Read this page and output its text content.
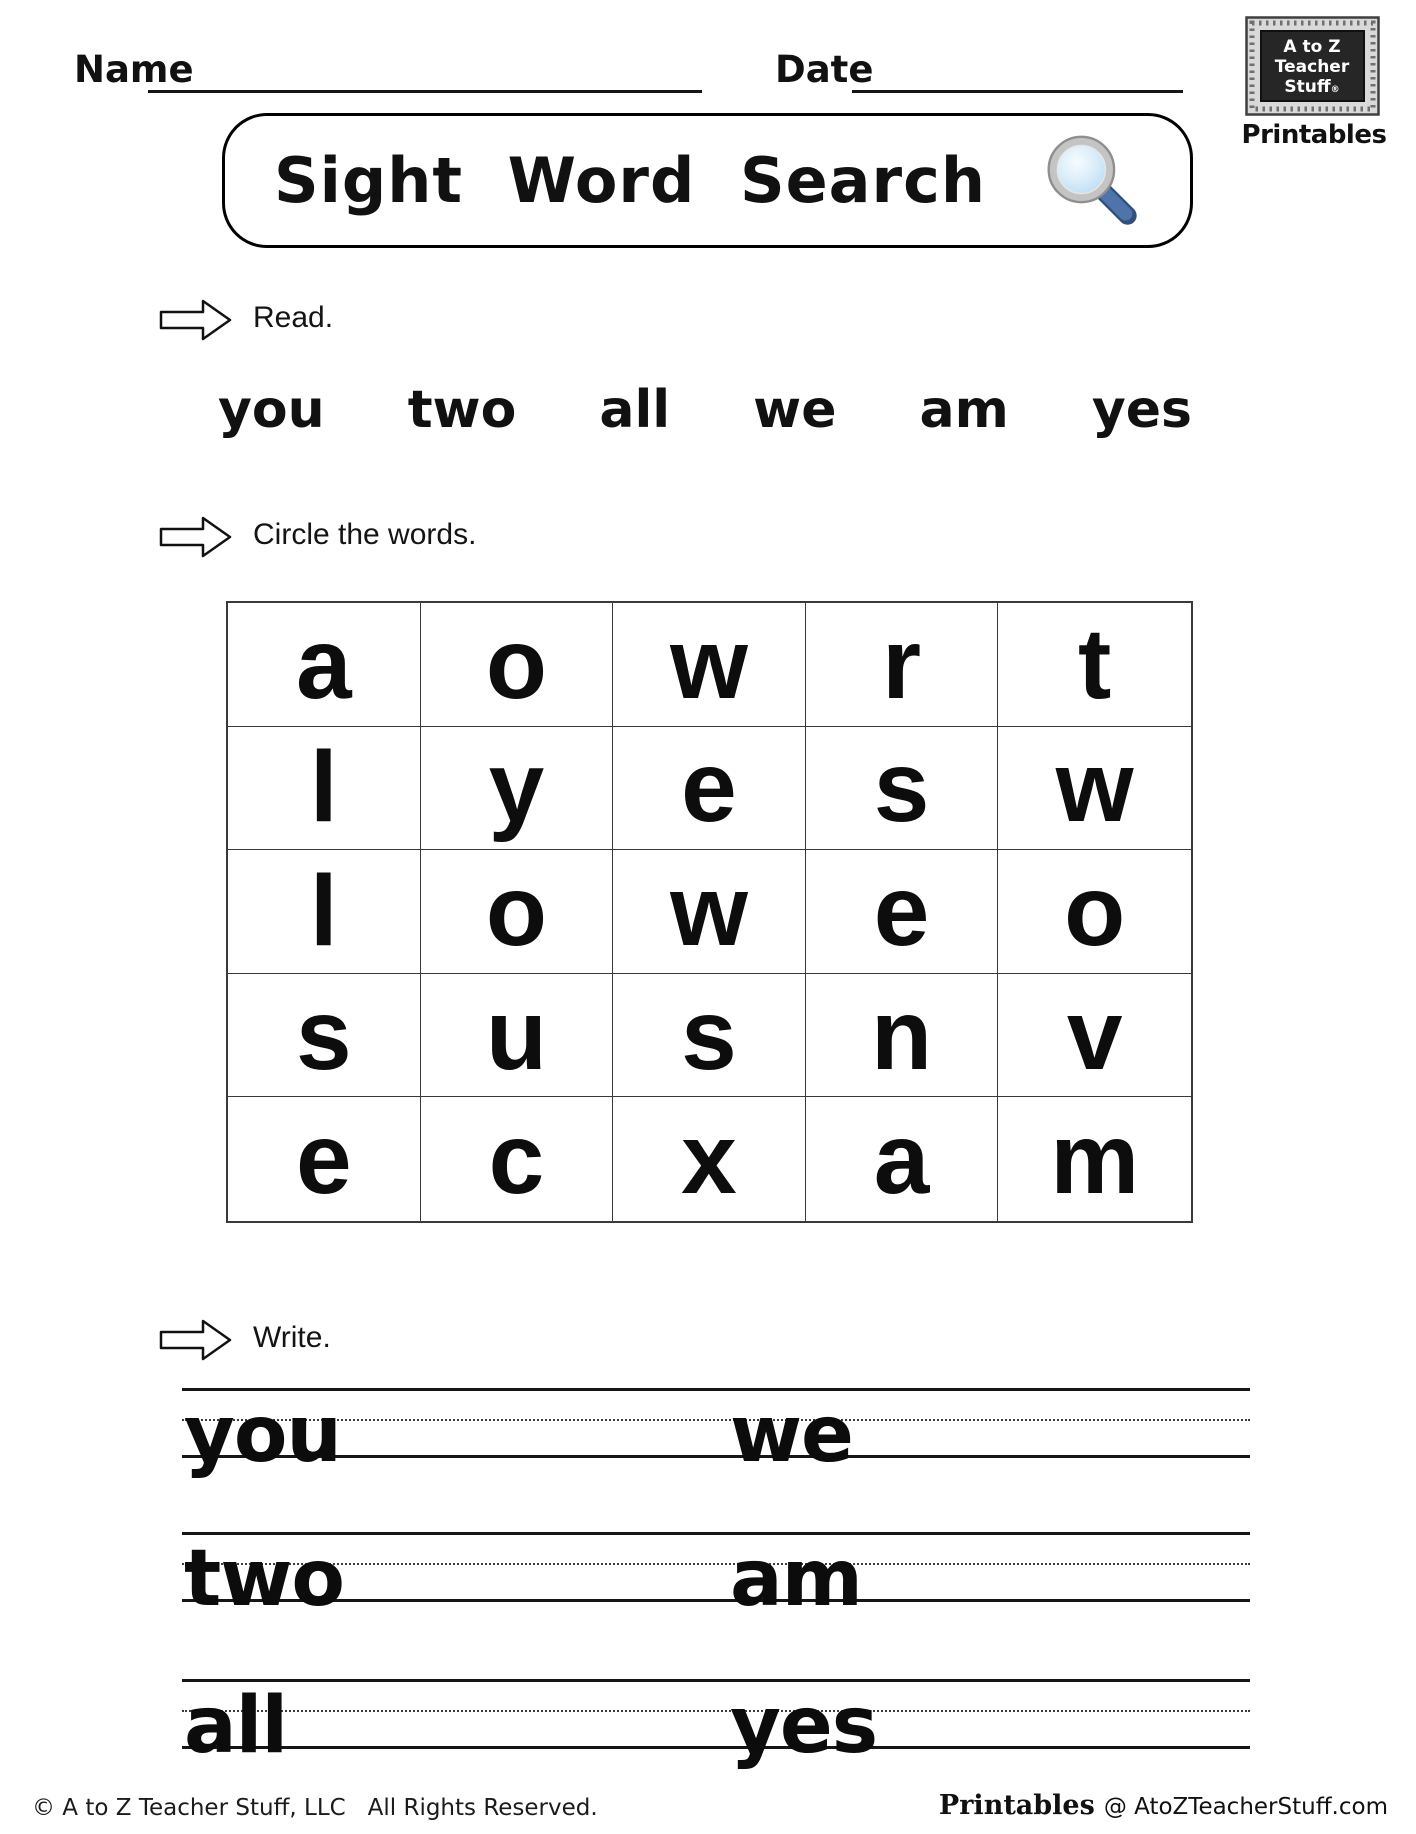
Name	Date
A to Z
Teacher
Stuff®
Printables
Sight Word Search
Read.
you two all we am yes
Circle the words.
a	o	w	r	t
l	y	e	s	w
l	o	w	e	o
s	u	s	n	v
e	c	x	a	m
Write.
you	we
two	am
all	yes
© A to Z Teacher Stuff, LLC   All Rights Reserved.	Printables @ AtoZTeacherStuff.com
